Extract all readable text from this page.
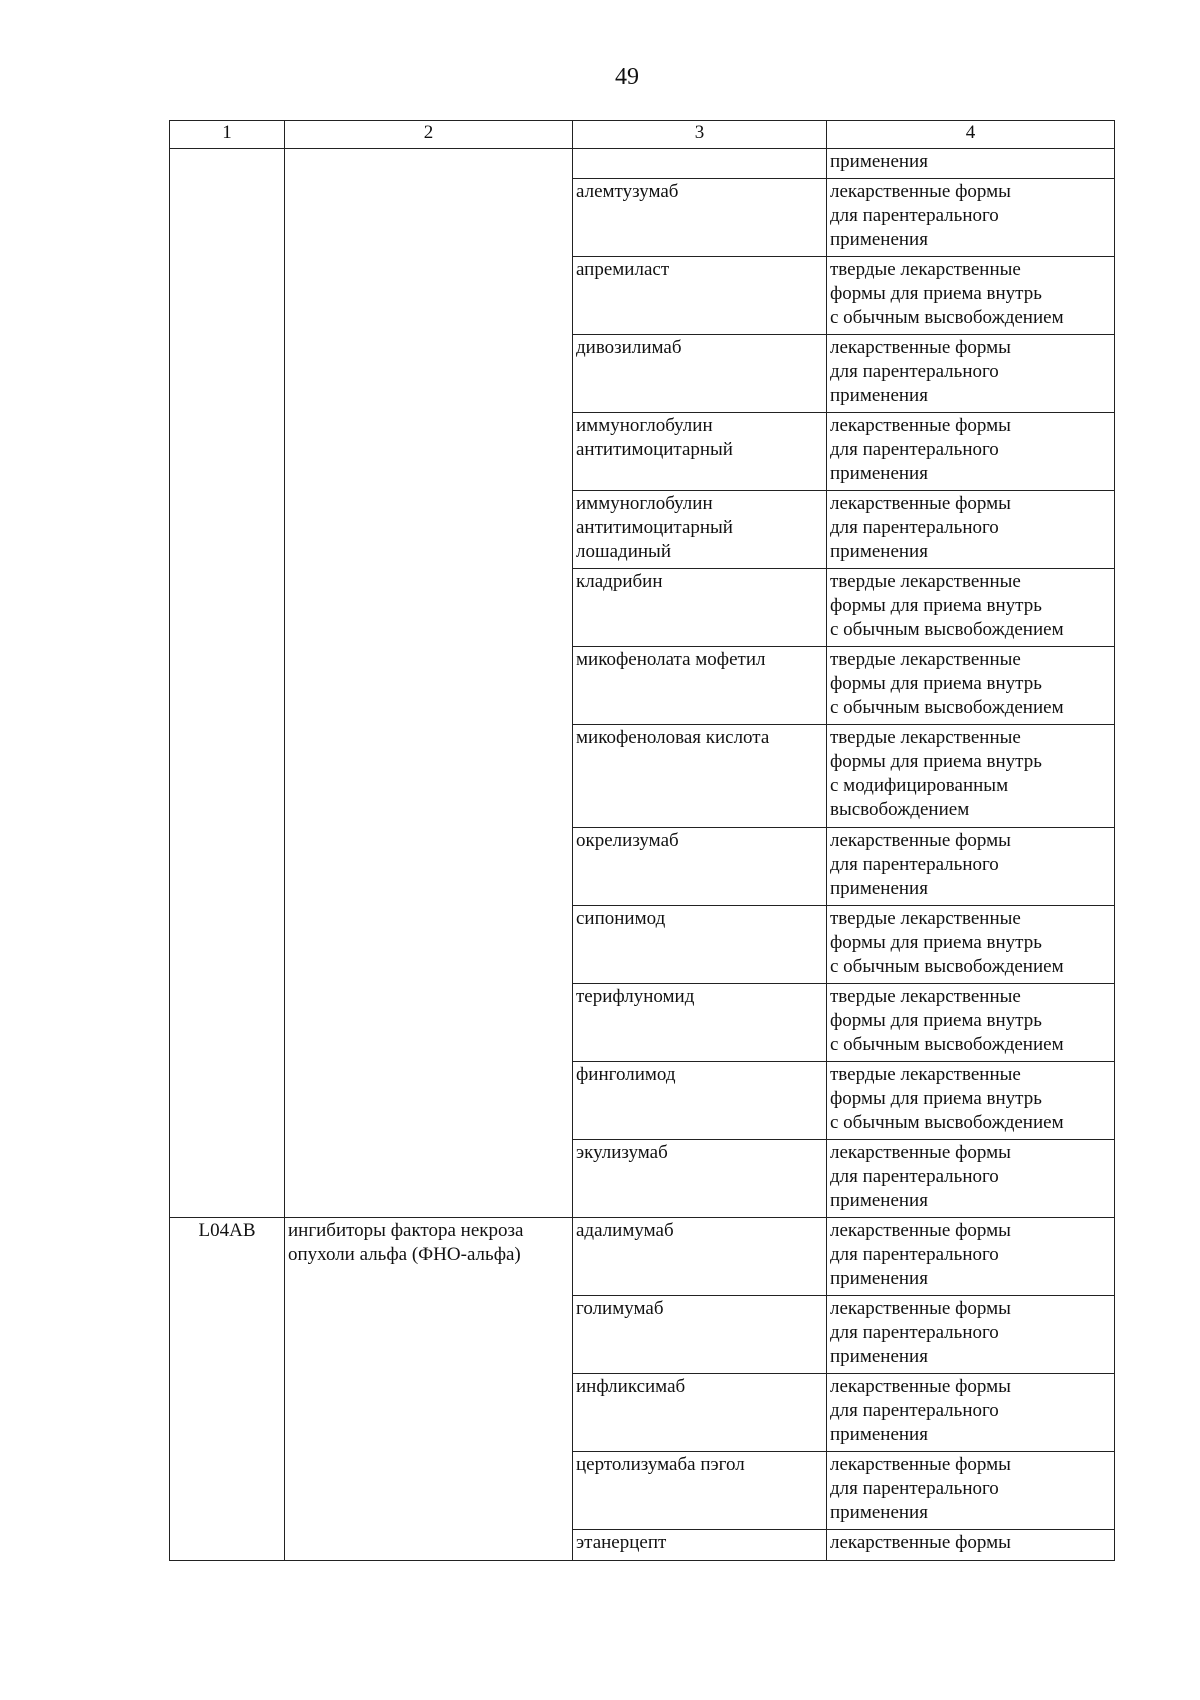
49
1	2	3	4
			применения
		алемтузумаб	лекарственные формы
для парентерального
применения
		апремиласт	твердые лекарственные
формы для приема внутрь
с обычным высвобождением
		дивозилимаб	лекарственные формы
для парентерального
применения
		иммуноглобулин
антитимоцитарный	лекарственные формы
для парентерального
применения
		иммуноглобулин
антитимоцитарный
лошадиный	лекарственные формы
для парентерального
применения
		кладрибин	твердые лекарственные
формы для приема внутрь
с обычным высвобождением
		микофенолата мофетил	твердые лекарственные
формы для приема внутрь
с обычным высвобождением
		микофеноловая кислота	твердые лекарственные
формы для приема внутрь
с модифицированным
высвобождением
		окрелизумаб	лекарственные формы
для парентерального
применения
		сипонимод	твердые лекарственные
формы для приема внутрь
с обычным высвобождением
		терифлуномид	твердые лекарственные
формы для приема внутрь
с обычным высвобождением
		финголимод	твердые лекарственные
формы для приема внутрь
с обычным высвобождением
		экулизумаб	лекарственные формы
для парентерального
применения
L04AB	ингибиторы фактора некроза
опухоли альфа (ФНО-альфа)	адалимумаб	лекарственные формы
для парентерального
применения
		голимумаб	лекарственные формы
для парентерального
применения
		инфликсимаб	лекарственные формы
для парентерального
применения
		цертолизумаба пэгол	лекарственные формы
для парентерального
применения
		этанерцепт	лекарственные формы
